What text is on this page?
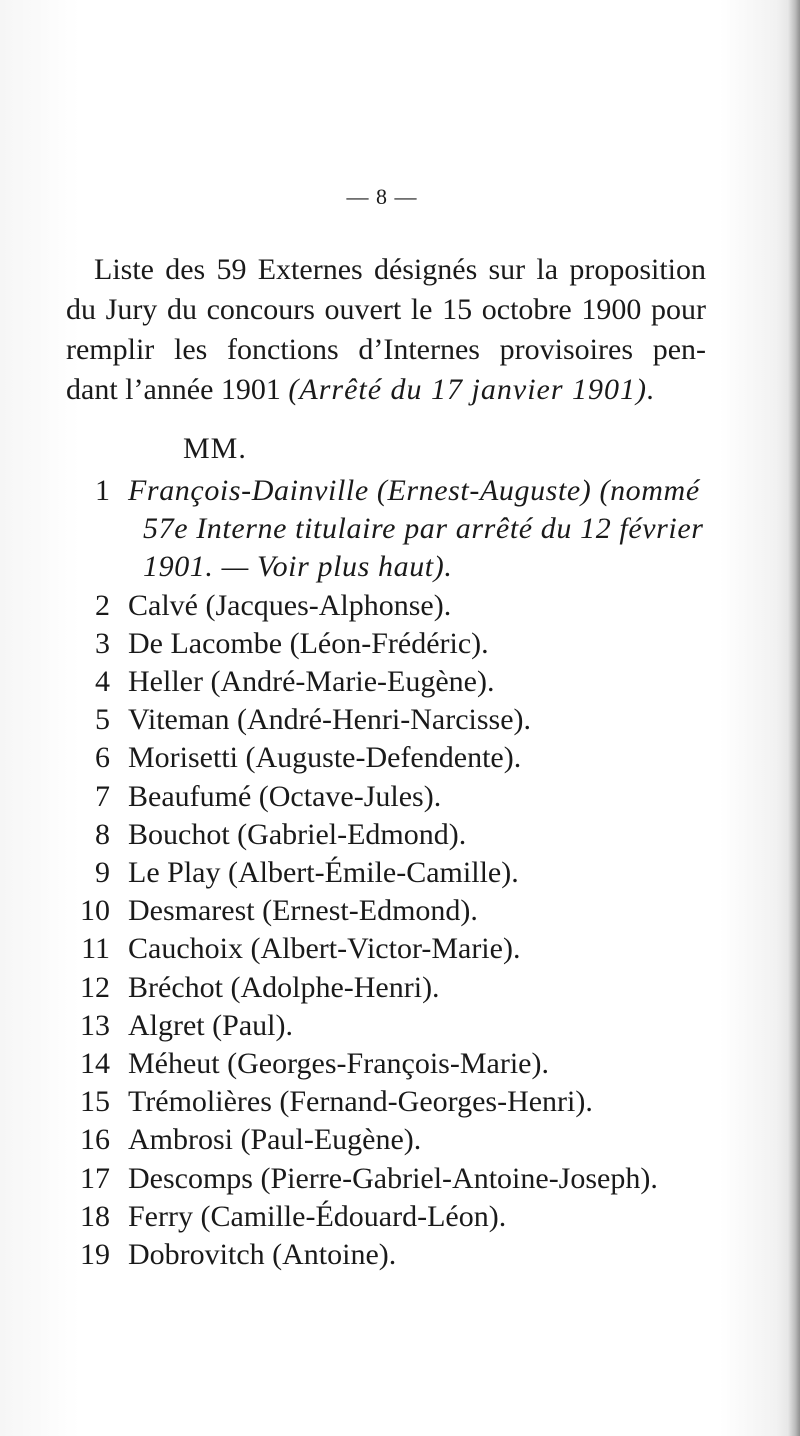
— 8 —
Liste des 59 Externes désignés sur la proposition
du Jury du concours ouvert le 15 octobre 1900 pour
remplir les fonctions d’Internes provisoires pen-
dant l’année 1901 (Arrêté du 17 janvier 1901).
MM.
1 François-Dainville (Ernest-Auguste) (nommé
57e Interne titulaire par arrêté du 12 février
1901. — Voir plus haut).
2 Calvé (Jacques-Alphonse).
3 De Lacombe (Léon-Frédéric).
4 Heller (André-Marie-Eugène).
5 Viteman (André-Henri-Narcisse).
6 Morisetti (Auguste-Defendente).
7 Beaufumé (Octave-Jules).
8 Bouchot (Gabriel-Edmond).
9 Le Play (Albert-Émile-Camille).
10 Desmarest (Ernest-Edmond).
11 Cauchoix (Albert-Victor-Marie).
12 Bréchot (Adolphe-Henri).
13 Algret (Paul).
14 Méheut (Georges-François-Marie).
15 Trémolières (Fernand-Georges-Henri).
16 Ambrosi (Paul-Eugène).
17 Descomps (Pierre-Gabriel-Antoine-Joseph).
18 Ferry (Camille-Édouard-Léon).
19 Dobrovitch (Antoine).
